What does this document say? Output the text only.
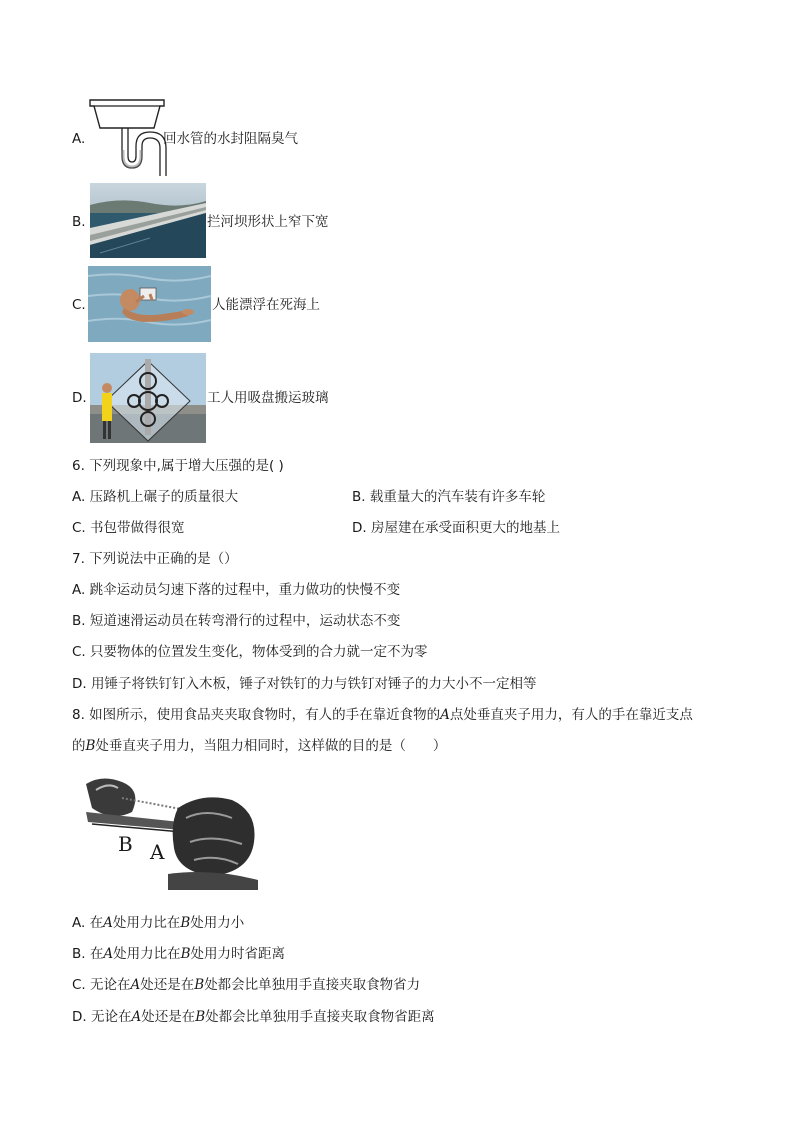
A.	回水管的水封阻隔臭气
B.	拦河坝形状上窄下宽
C.	人能漂浮在死海上
D.	工人用吸盘搬运玻璃
6. 下列现象中,属于增大压强的是( )
A. 压路机上碾子的质量很大	B. 载重量大的汽车装有许多车轮
C. 书包带做得很宽	D. 房屋建在承受面积更大的地基上
7. 下列说法中正确的是（）
A. 跳伞运动员匀速下落的过程中，重力做功的快慢不变
B. 短道速滑运动员在转弯滑行的过程中，运动状态不变
C. 只要物体的位置发生变化，物体受到的合力就一定不为零
D. 用锤子将铁钉钉入木板，锤子对铁钉的力与铁钉对锤子的力大小不一定相等
8. 如图所示，使用食品夹夹取食物时，有人的手在靠近食物的A点处垂直夹子用力，有人的手在靠近支点
的B处垂直夹子用力，当阻力相同时，这样做的目的是（　　）
B A
A. 在A处用力比在B处用力小
B. 在A处用力比在B处用力时省距离
C. 无论在A处还是在B处都会比单独用手直接夹取食物省力
D. 无论在A处还是在B处都会比单独用手直接夹取食物省距离
